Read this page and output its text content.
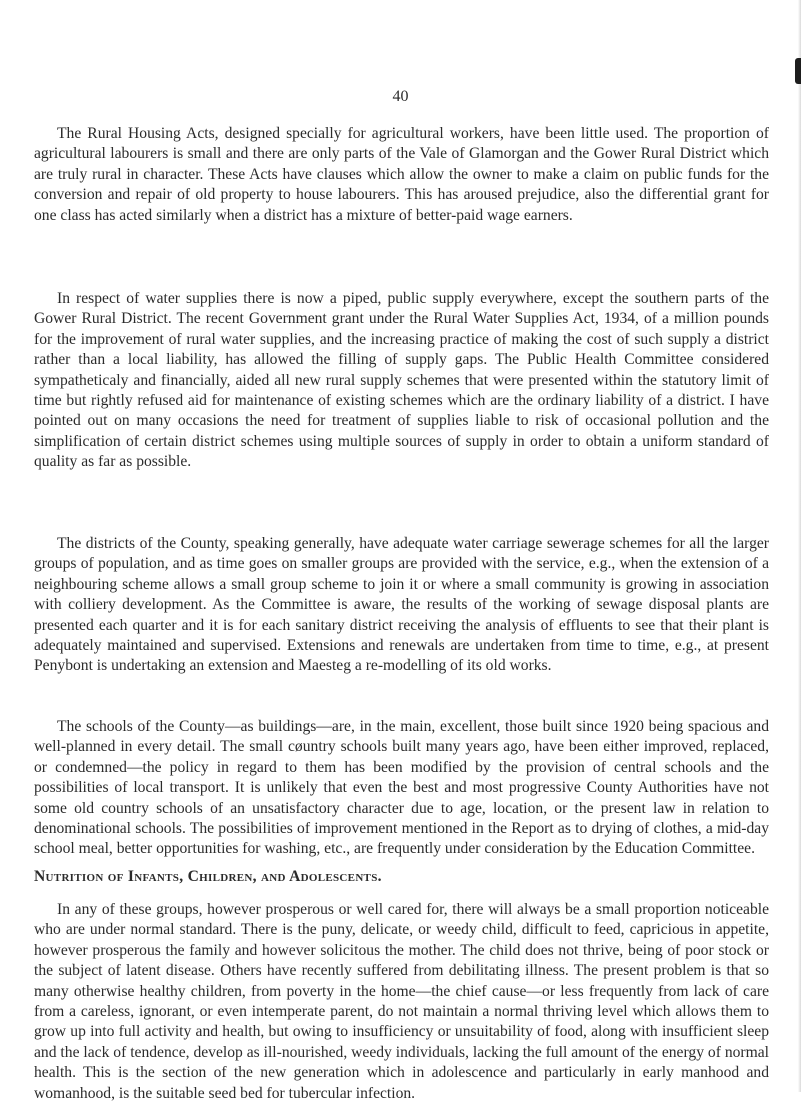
40

The Rural Housing Acts, designed specially for agricultural workers, have been little used. The proportion of agricultural labourers is small and there are only parts of the Vale of Glamorgan and the Gower Rural District which are truly rural in character. These Acts have clauses which allow the owner to make a claim on public funds for the conversion and repair of old property to house labourers. This has aroused prejudice, also the differential grant for one class has acted similarly when a district has a mixture of better-paid wage earners.

In respect of water supplies there is now a piped, public supply everywhere, except the southern parts of the Gower Rural District. The recent Government grant under the Rural Water Supplies Act, 1934, of a million pounds for the improvement of rural water supplies, and the increasing practice of making the cost of such supply a district rather than a local liability, has allowed the filling of supply gaps. The Public Health Committee considered sympatheticaly and financially, aided all new rural supply schemes that were presented within the statutory limit of time but rightly refused aid for maintenance of existing schemes which are the ordinary liability of a district. I have pointed out on many occasions the need for treatment of supplies liable to risk of occasional pollution and the simplification of certain district schemes using multiple sources of supply in order to obtain a uniform standard of quality as far as possible.

The districts of the County, speaking generally, have adequate water carriage sewerage schemes for all the larger groups of population, and as time goes on smaller groups are provided with the service, e.g., when the extension of a neighbouring scheme allows a small group scheme to join it or where a small community is growing in association with colliery development. As the Committee is aware, the results of the working of sewage disposal plants are presented each quarter and it is for each sanitary district receiving the analysis of effluents to see that their plant is adequately maintained and supervised. Extensions and renewals are undertaken from time to time, e.g., at present Penybont is undertaking an extension and Maesteg a re-modelling of its old works.

The schools of the County—as buildings—are, in the main, excellent, those built since 1920 being spacious and well-planned in every detail. The small cøuntry schools built many years ago, have been either improved, replaced, or condemned—the policy in regard to them has been modified by the provision of central schools and the possibilities of local transport. It is unlikely that even the best and most progressive County Authorities have not some old country schools of an unsatisfactory character due to age, location, or the present law in relation to denominational schools. The possibilities of improvement mentioned in the Report as to drying of clothes, a mid-day school meal, better opportunities for washing, etc., are frequently under consideration by the Education Committee.

Nutrition of Infants, Children, and Adolescents.

In any of these groups, however prosperous or well cared for, there will always be a small proportion noticeable who are under normal standard. There is the puny, delicate, or weedy child, difficult to feed, capricious in appetite, however prosperous the family and however solicitous the mother. The child does not thrive, being of poor stock or the subject of latent disease. Others have recently suffered from debilitating illness. The present problem is that so many otherwise healthy children, from poverty in the home—the chief cause—or less frequently from lack of care from a careless, ignorant, or even intemperate parent, do not maintain a normal thriving level which allows them to grow up into full activity and health, but owing to insufficiency or unsuitability of food, along with insufficient sleep and the lack of tendence, develop as ill-nourished, weedy individuals, lacking the full amount of the energy of normal health. This is the section of the new generation which in adolescence and particularly in early manhood and womanhood, is the suitable seed bed for tubercular infection.
